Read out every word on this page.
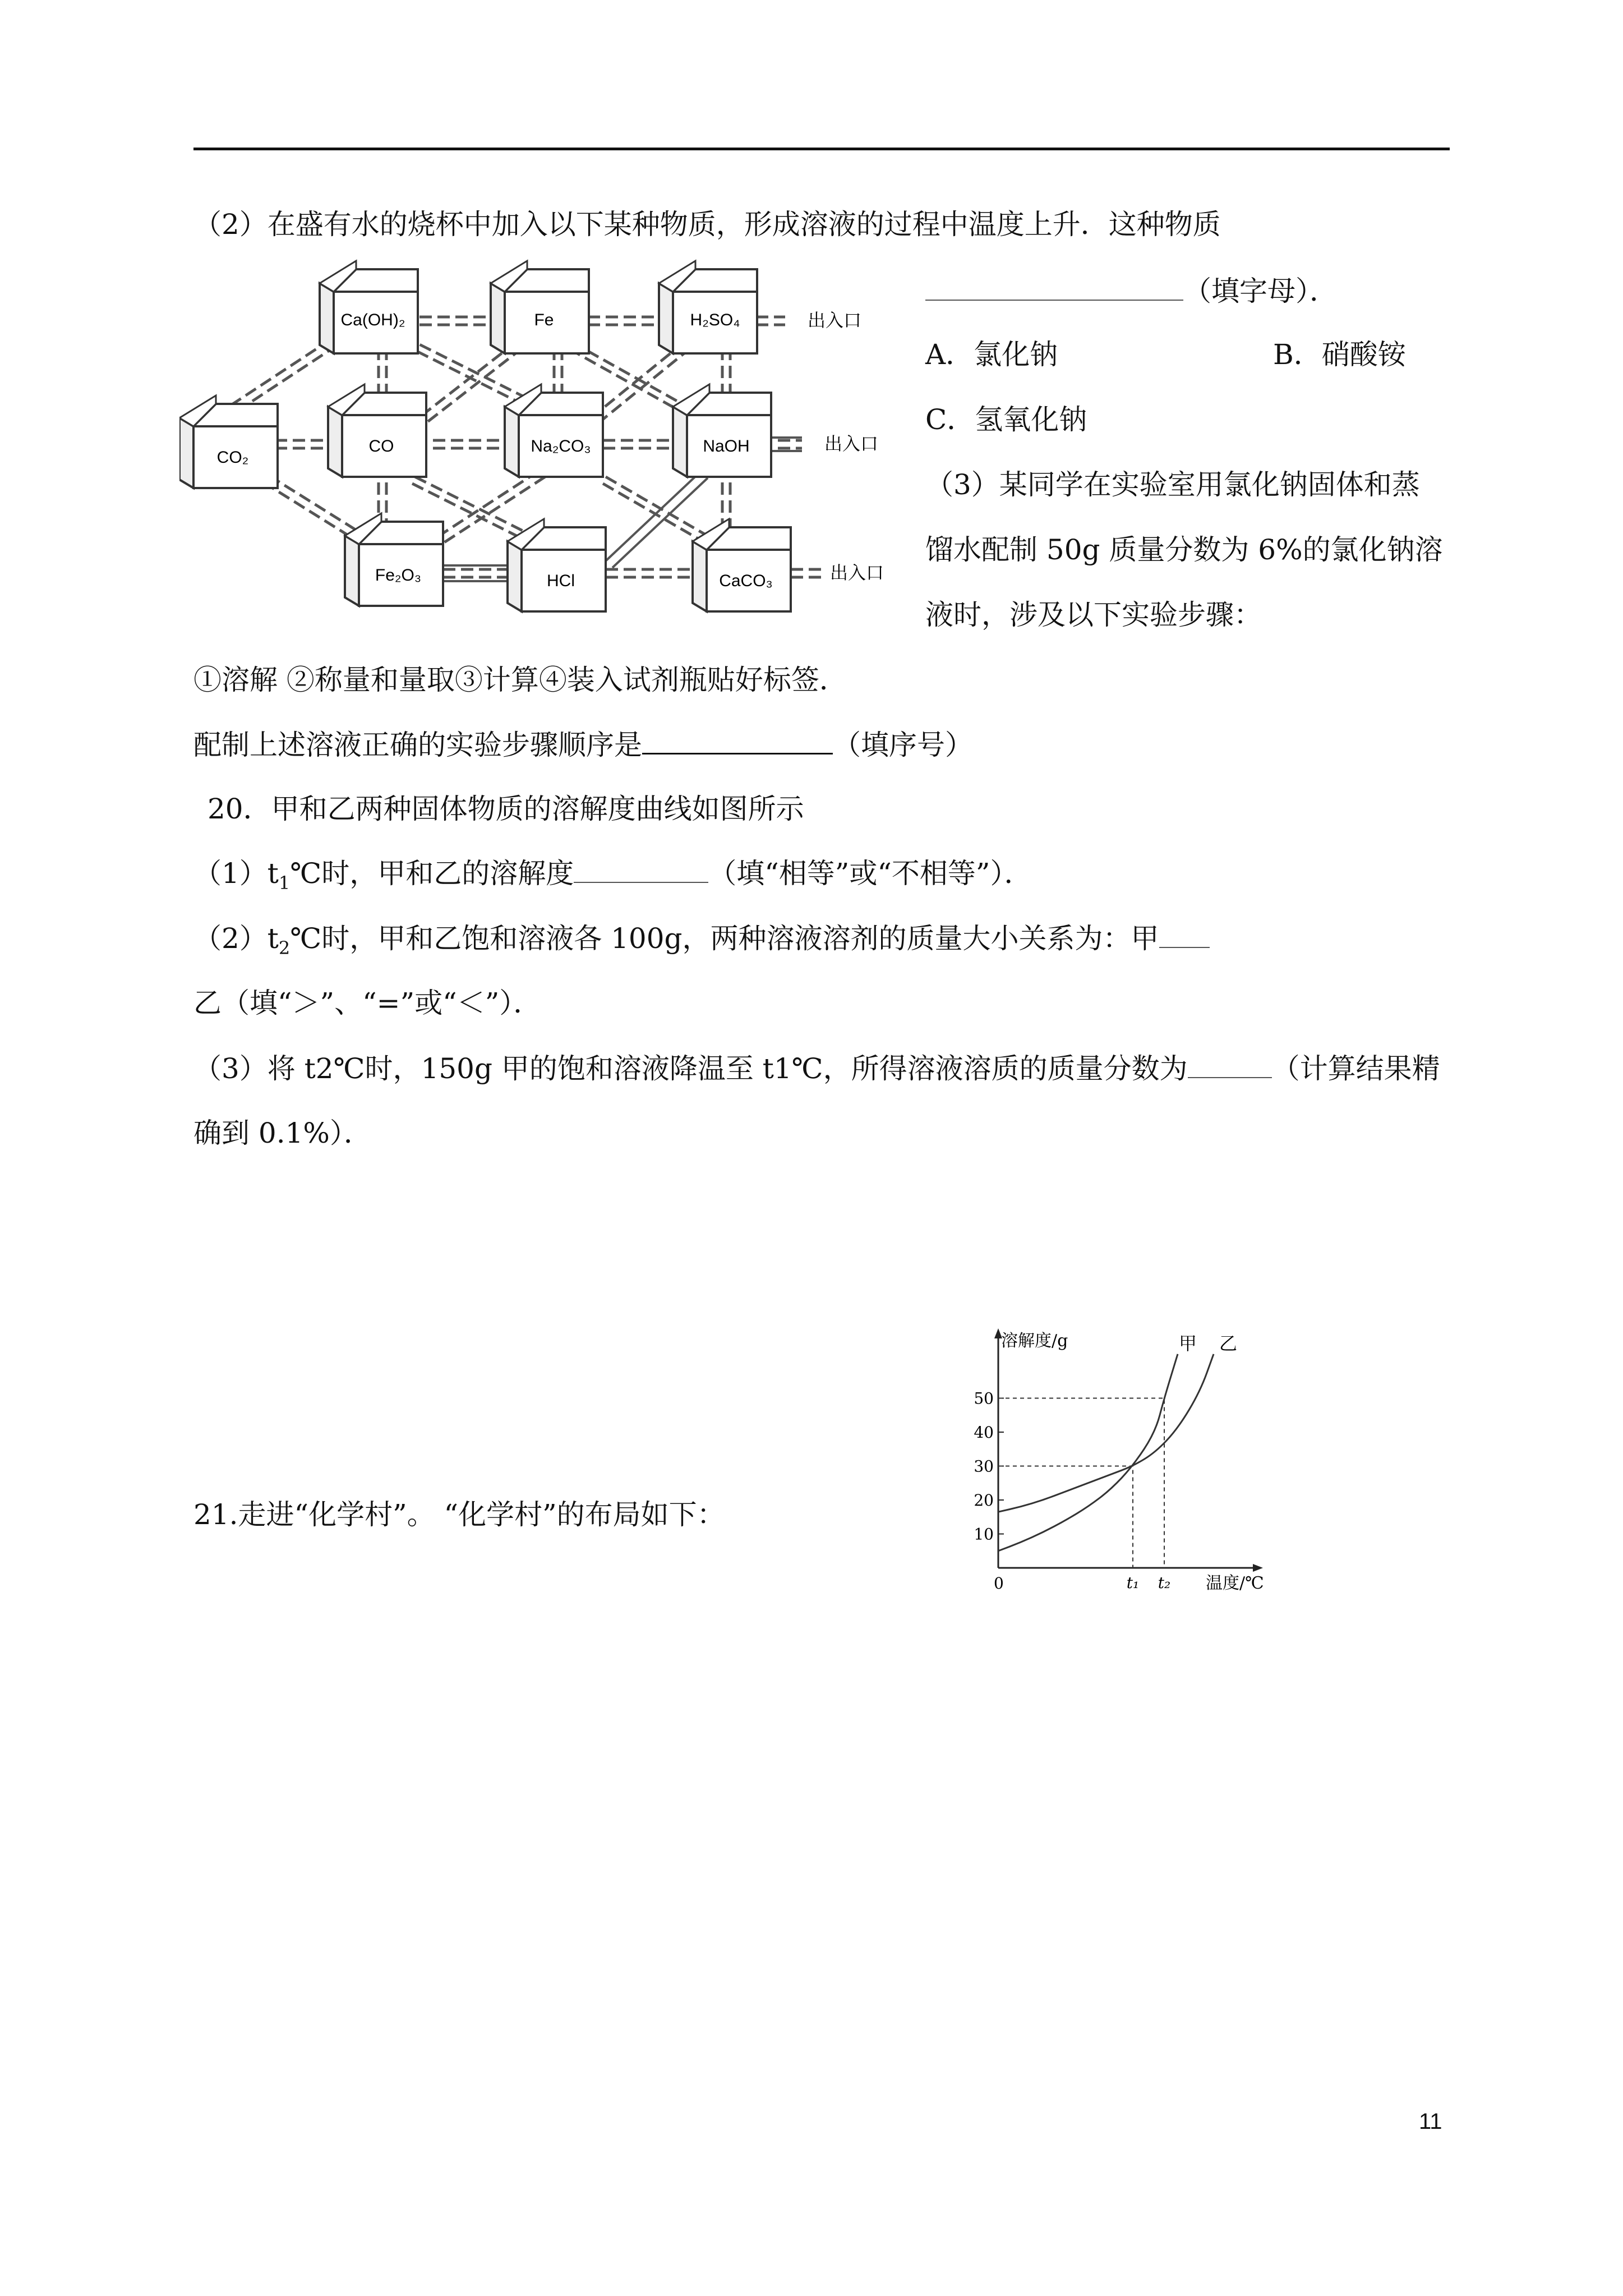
（2）在盛有水的烧杯中加入以下某种物质，形成溶液的过程中温度上升．这种物质
（填字母）．
A．氯化钠	B．硝酸铵
C．氢氧化钠
（3）某同学在实验室用氯化钠固体和蒸
馏水配制 50g 质量分数为 6%的氯化钠溶
液时，涉及以下实验步骤：
Ca(OH)₂	Fe	H₂SO₄
CO₂
CO	Na₂CO₃	NaOH
Fe₂O₃	HCl	CaCO₃
出入口
出入口
出入口
①溶解 ②称量和量取③计算④装入试剂瓶贴好标签．
配制上述溶液正确的实验步骤顺序是	（填序号）
20．甲和乙两种固体物质的溶解度曲线如图所示
$(1)t_1℃$时，甲和乙的溶解度	（填“相等”或“不相等”）．
$(2)t_2℃$时，甲和乙饱和溶液各 100g，两种溶液溶剂的质量大小关系为：甲
乙（填“＞”、“=”或“＜”）．
（3）将 t2℃时，150g 甲的饱和溶液降温至 t1℃，所得溶液溶质的质量分数为	（计算结果精
确到 0.1%）．
21.走进“化学村”。 “化学村”的布局如下：
溶解度/g
温度/℃
0
10
20
30
40
50
t₁ t₂
甲 乙
11
